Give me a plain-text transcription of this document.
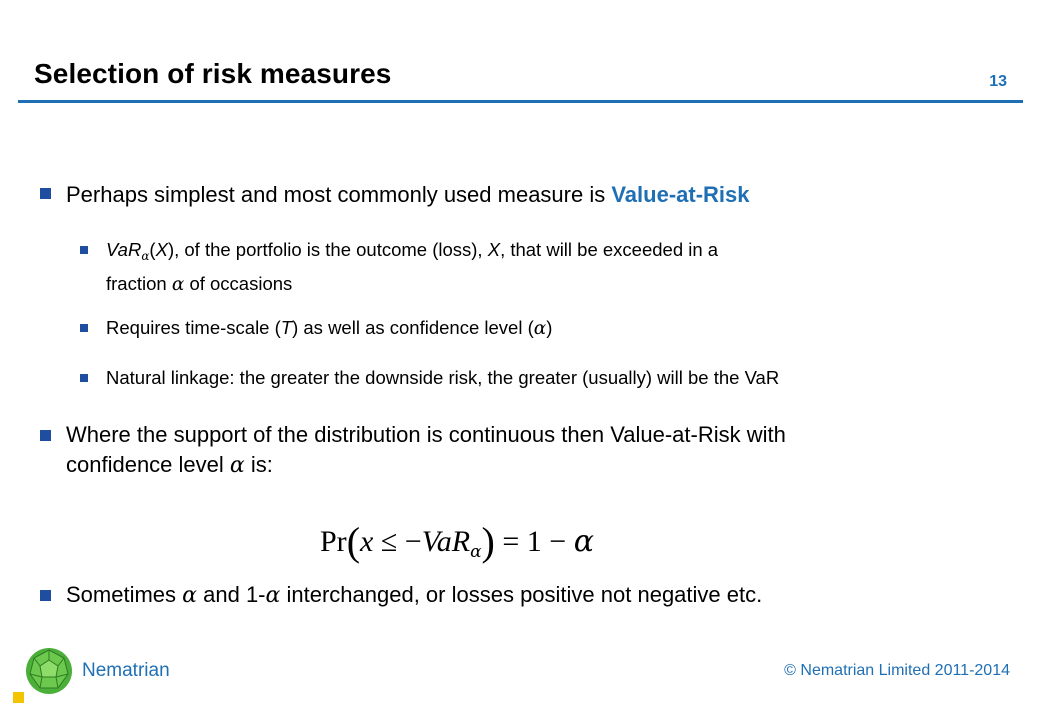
Selection of risk measures	13
Perhaps simplest and most commonly used measure is Value-at-Risk
VaR$_\alpha$(X), of the portfolio is the outcome (loss), X, that will be exceeded in a
fraction α of occasions
Requires time-scale (T) as well as confidence level (α)
Natural linkage: the greater the downside risk, the greater (usually) will be the VaR
Where the support of the distribution is continuous then Value-at-Risk with
confidence level α is:
Pr(x ≤ −VaR$_\alpha$) = 1 − α
Sometimes α and 1-α interchanged, or losses positive not negative etc.
Nematrian	© Nematrian Limited 2011-2014
